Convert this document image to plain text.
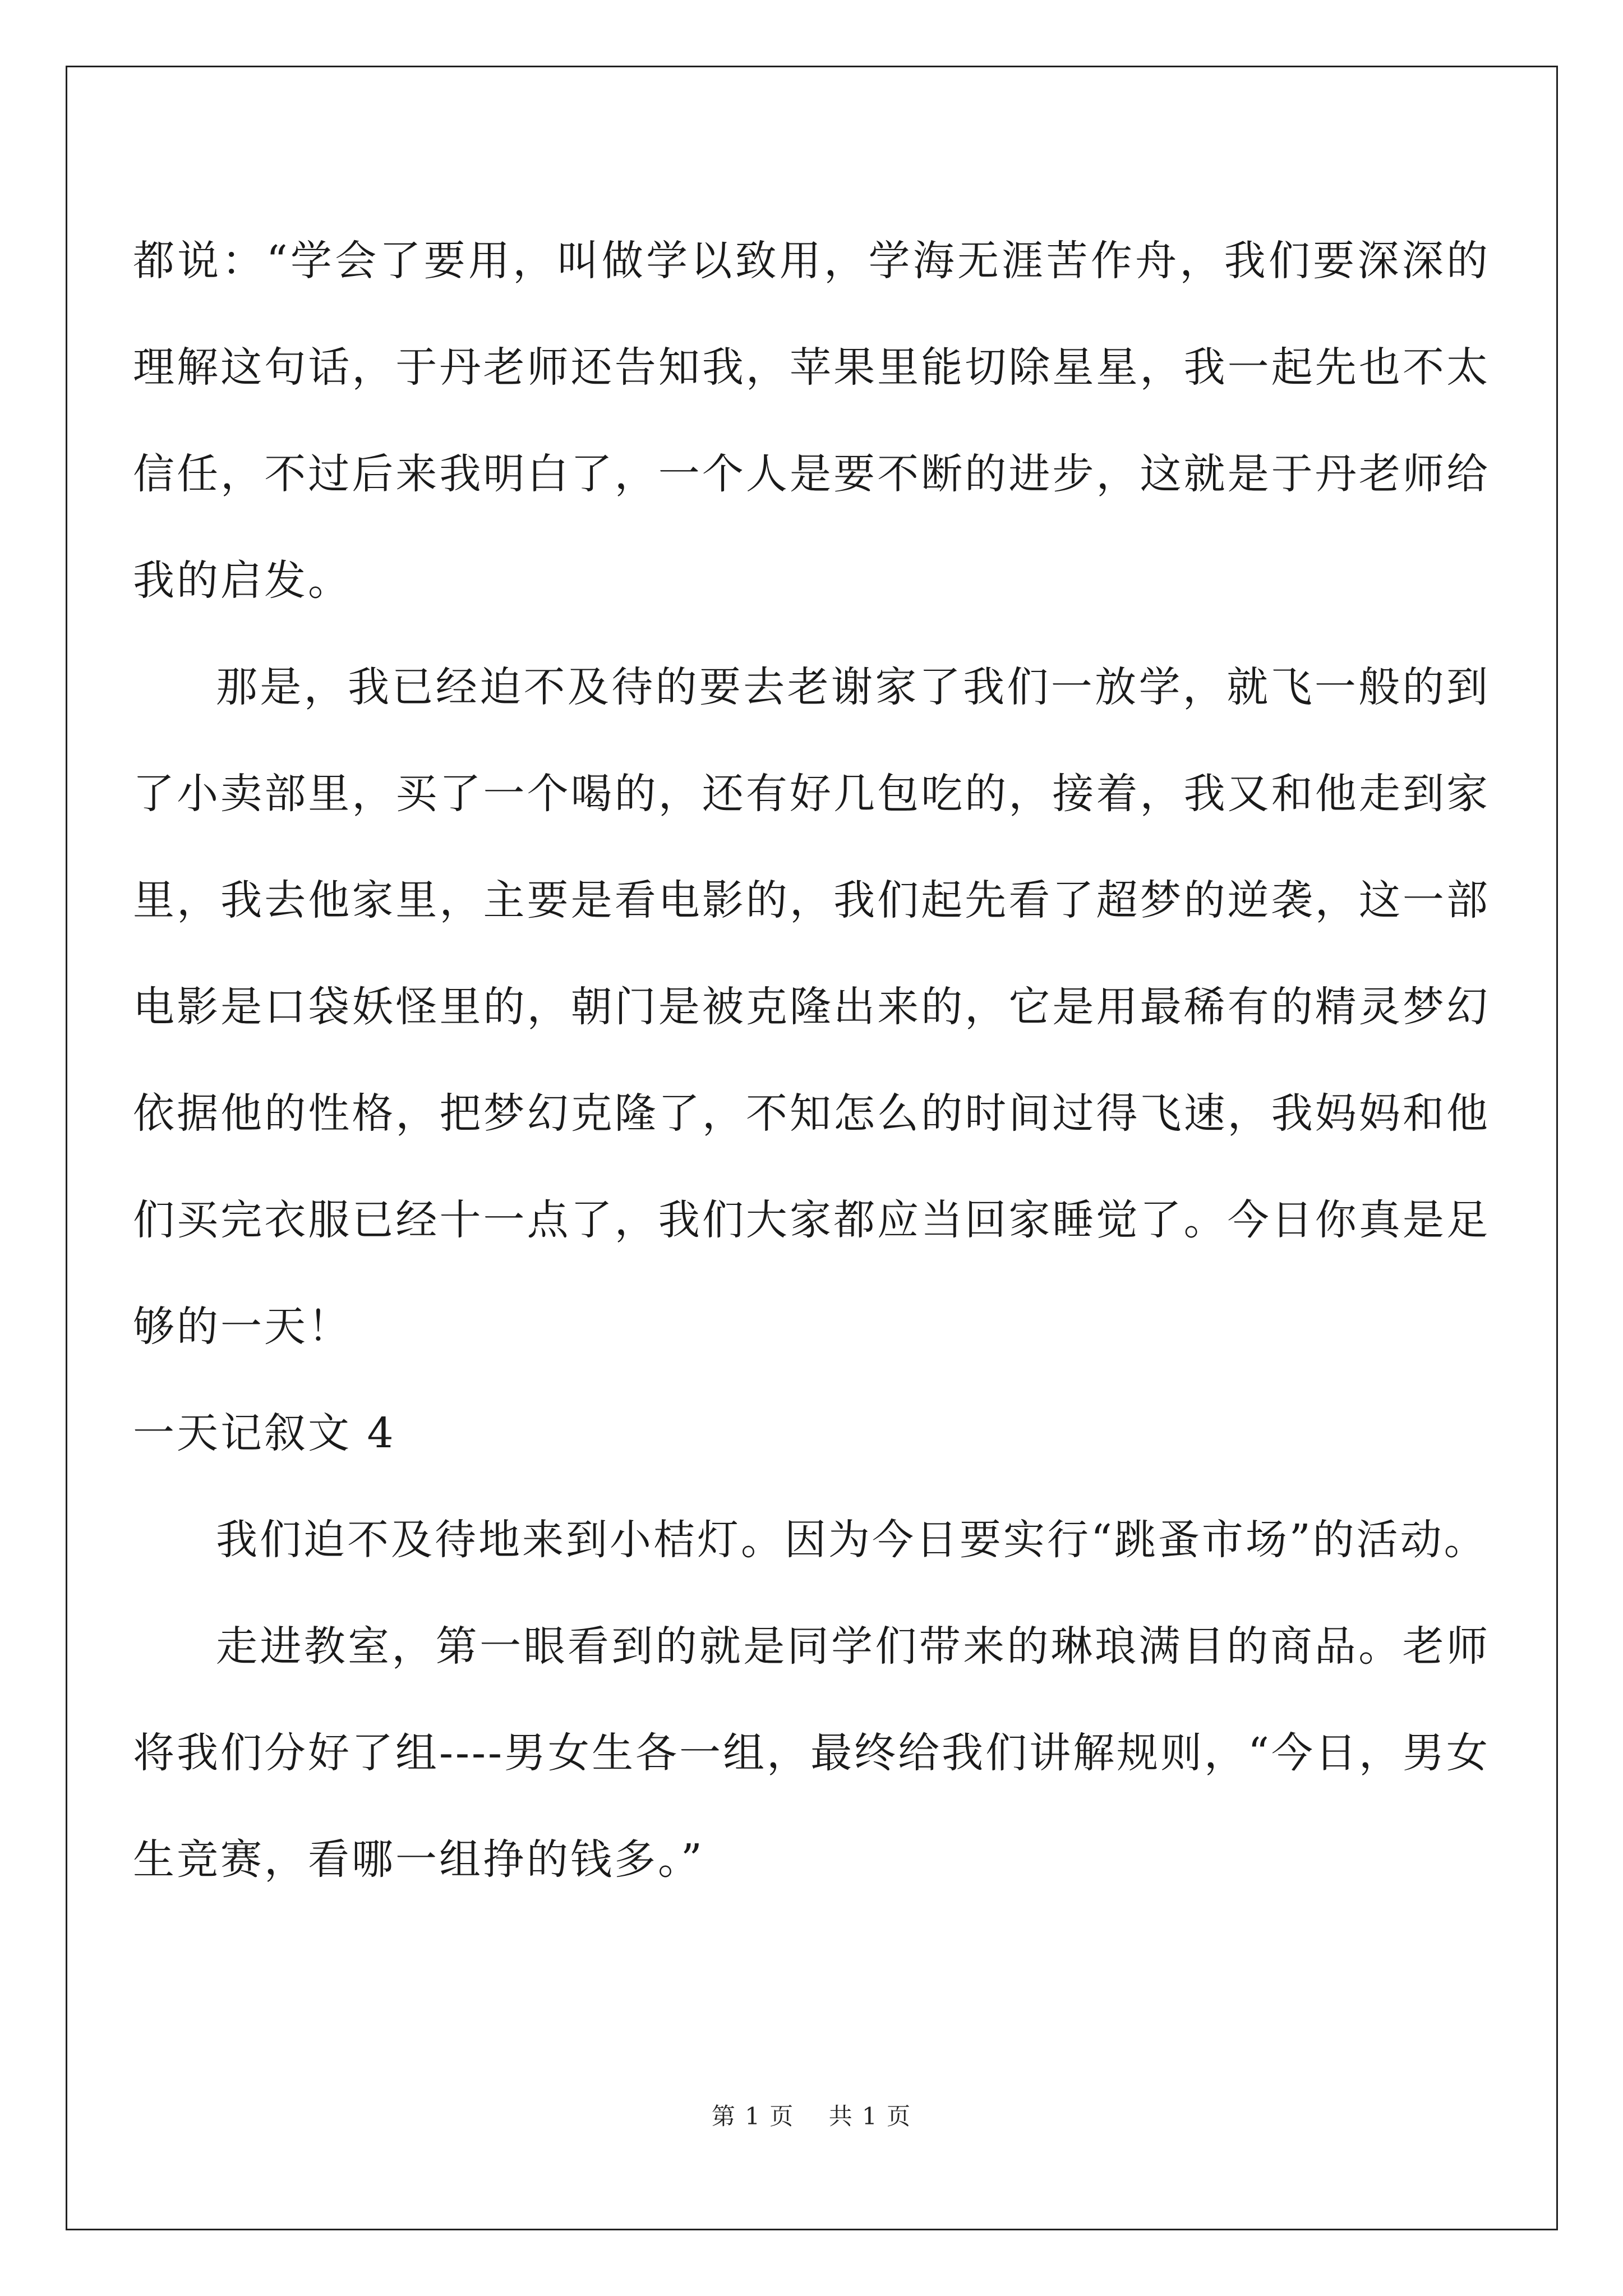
都说：“学会了要用，叫做学以致用，学海无涯苦作舟，我们要深深的理解这句话，于丹老师还告知我，苹果里能切除星星，我一起先也不太信任，不过后来我明白了，一个人是要不断的进步，这就是于丹老师给我的启发。

那是，我已经迫不及待的要去老谢家了我们一放学，就飞一般的到了小卖部里，买了一个喝的，还有好几包吃的，接着，我又和他走到家里，我去他家里，主要是看电影的，我们起先看了超梦的逆袭，这一部电影是口袋妖怪里的，朝门是被克隆出来的，它是用最稀有的精灵梦幻依据他的性格，把梦幻克隆了，不知怎么的时间过得飞速，我妈妈和他们买完衣服已经十一点了，我们大家都应当回家睡觉了。今日你真是足够的一天！

一天记叙文 4

我们迫不及待地来到小桔灯。因为今日要实行“跳蚤市场”的活动。

走进教室，第一眼看到的就是同学们带来的琳琅满目的商品。老师将我们分好了组----男女生各一组，最终给我们讲解规则，“今日，男女生竞赛，看哪一组挣的钱多。”

第 1 页    共 1 页
